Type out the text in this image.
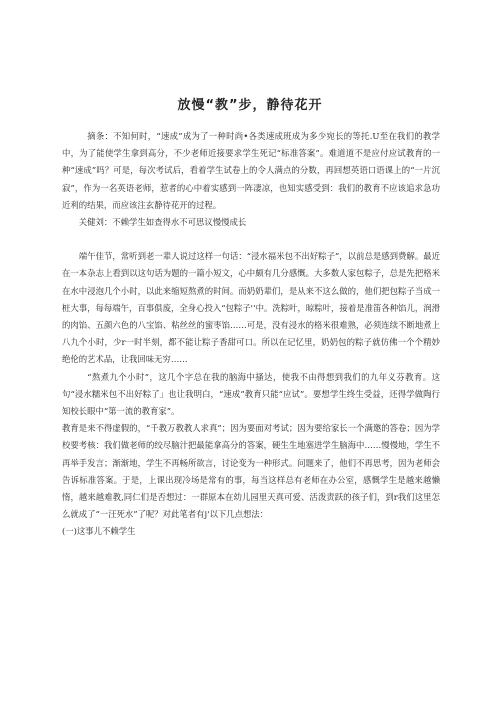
放慢“教”步，静待花开

摘条：不知何时，“速成”成为了一种时尚•各类速成班成为多少宛长的等托.U至在我们的教学中，为了能使学生拿到高分，不少老师近接要求学生死记“标准答案”。难道道不是应付应试教育的一种“速成”吗？可是，每次考试后，看着学生试卷上的令人满点的分数，再回想英语口语课上的“一片沉寂”，作为一名英语老师，惹者的心中着实感到一阵凄凉，也知实感受到：我们的教育不应该追求急功近利的结果，而应该注玄静待花开的过程。

关健刘：不赖学生如查得水不可思议慢慢成长

端午佳节，常听到老一辈人说过这样一句话：“浸水福米包不出好粽子”，以前总是感到费解。最近在一本杂志上看到以这句话为题的一篇小短文，心中颇有几分感慨。大多数人家包粽子，总是先把格米在水中浸泡几个小时，以此来缩短熬煮的时间。而奶奶辈们，是从来不这么做的，他们把包粽子当成一桩大事，每每端午，百事俱废，全身心投入“包粽子'‘中。洗粽叶，晾粽叶，接着是准笛各种馅儿，润滑的肉馅、五颜六色的八宝馅、粘丝丝的蜜枣馅……可是，没有浸水的格米很难熟，必须连续不断地煮上八九个小时，少r一时半刻，都不能让粽子香甜可口。所以在记忆里，奶奶包的粽子就仿佛一个个精妙绝伦的艺术品，让我回味无穷……

“熬煮九个小时”，这几个字总在我的脑海中搔达，使我不由得想到我们的九年义芬教育。这句“浸水糯米包不出好粽了」也让我明白，“速成”教育只能“应试”。要想学生终生受益，还得学做陶行知校长眼中“第一流的教育家”。

教育是来不得虚假的，“千教万教教人求真”；因为要面对考试；因为要给家长一个满邀的答卷；因为学校要考核：我们做老师的绞尽脑汁把最能拿高分的答案，硬生生地塞进学生脑海中……慢慢地，学生不再举手发言；渐渐地，学生不再畅所欲言，讨论变为一种形式。问题来了，他们不再思考，因为老师会告诉标准答案。于是，上课出现冷场是常有的事，每当这样总有老师在办公室，感慨学生是越来越懒惰，越来越难教,同仁们是否想过：一群原本在幼儿园里天真可爱、活泼责跃的孩子们，到r我们这里怎么就成了“一汪死水”了呢？对此笔者有j'以下几点想法：

(一)这事儿不赖学生
